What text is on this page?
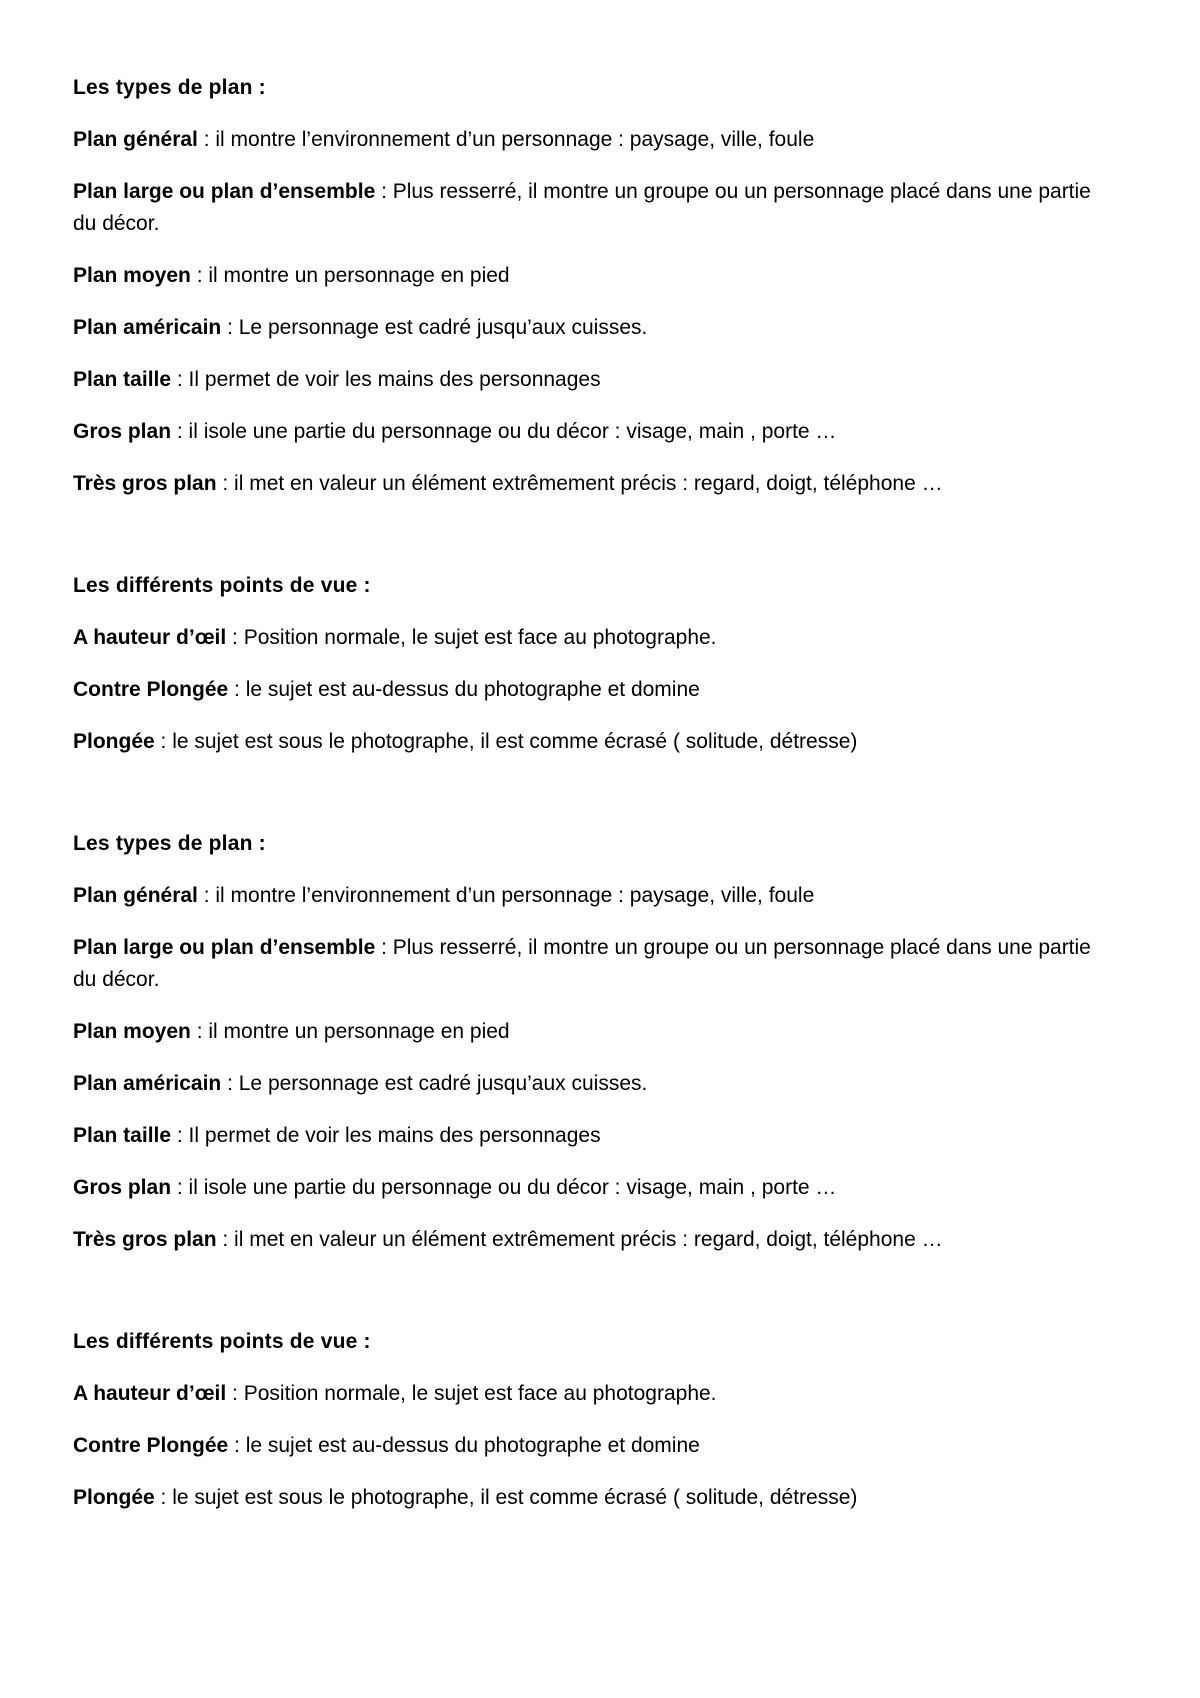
Les types de plan :

Plan général : il montre l’environnement d’un personnage : paysage, ville, foule

Plan large ou plan d’ensemble : Plus resserré, il montre un groupe ou un personnage placé dans une partie du décor.

Plan moyen : il montre un personnage en pied

Plan américain : Le personnage est cadré jusqu’aux cuisses.

Plan taille : Il permet de voir les mains des personnages

Gros plan : il isole une partie du personnage ou du décor : visage, main , porte …

Très gros plan : il met en valeur un élément extrêmement précis : regard, doigt, téléphone …

Les différents points de vue :

A hauteur d’œil : Position normale, le sujet est face au photographe.

Contre Plongée : le sujet est au-dessus du photographe et domine

Plongée : le sujet est sous le photographe, il est comme écrasé ( solitude, détresse)

Les types de plan :

Plan général : il montre l’environnement d’un personnage : paysage, ville, foule

Plan large ou plan d’ensemble : Plus resserré, il montre un groupe ou un personnage placé dans une partie du décor.

Plan moyen : il montre un personnage en pied

Plan américain : Le personnage est cadré jusqu’aux cuisses.

Plan taille : Il permet de voir les mains des personnages

Gros plan : il isole une partie du personnage ou du décor : visage, main , porte …

Très gros plan : il met en valeur un élément extrêmement précis : regard, doigt, téléphone …

Les différents points de vue :

A hauteur d’œil : Position normale, le sujet est face au photographe.

Contre Plongée : le sujet est au-dessus du photographe et domine

Plongée : le sujet est sous le photographe, il est comme écrasé ( solitude, détresse)
